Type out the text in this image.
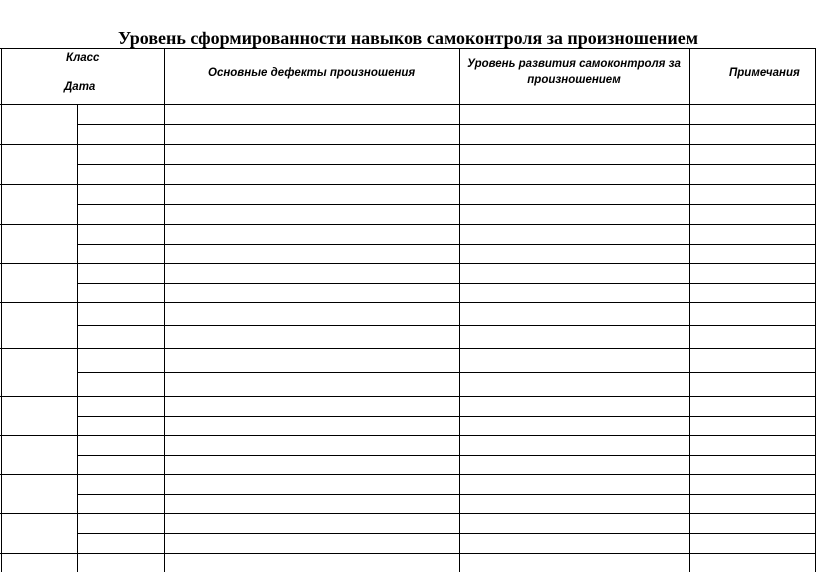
Уровень сформированности навыков самоконтроля за произношением
Класс
Дата
Основные дефекты произношения
Уровень развития самоконтроля за
произношением
Примечания
